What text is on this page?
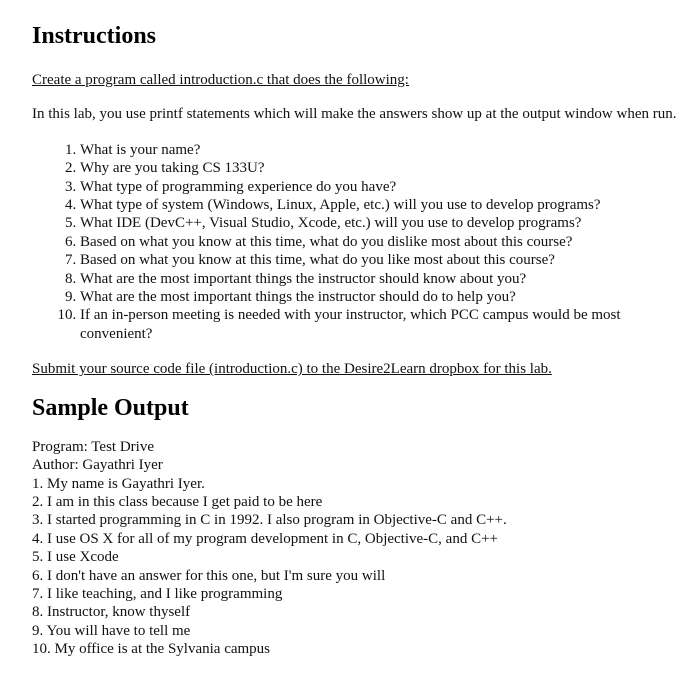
Instructions

Create a program called introduction.c that does the following:

In this lab, you use printf statements which will make the answers show up at the output window when run.

1. What is your name?
2. Why are you taking CS 133U?
3. What type of programming experience do you have?
4. What type of system (Windows, Linux, Apple, etc.) will you use to develop programs?
5. What IDE (DevC++, Visual Studio, Xcode, etc.) will you use to develop programs?
6. Based on what you know at this time, what do you dislike most about this course?
7. Based on what you know at this time, what do you like most about this course?
8. What are the most important things the instructor should know about you?
9. What are the most important things the instructor should do to help you?
10. If an in-person meeting is needed with your instructor, which PCC campus would be most convenient?

Submit your source code file (introduction.c) to the Desire2Learn dropbox for this lab.

Sample Output

Program: Test Drive

Author: Gayathri Iyer

1. My name is Gayathri Iyer.

2. I am in this class because I get paid to be here

3. I started programming in C in 1992. I also program in Objective-C and C++.

4. I use OS X for all of my program development in C, Objective-C, and C++

5. I use Xcode

6. I don't have an answer for this one, but I'm sure you will

7. I like teaching, and I like programming

8. Instructor, know thyself

9. You will have to tell me

10. My office is at the Sylvania campus
